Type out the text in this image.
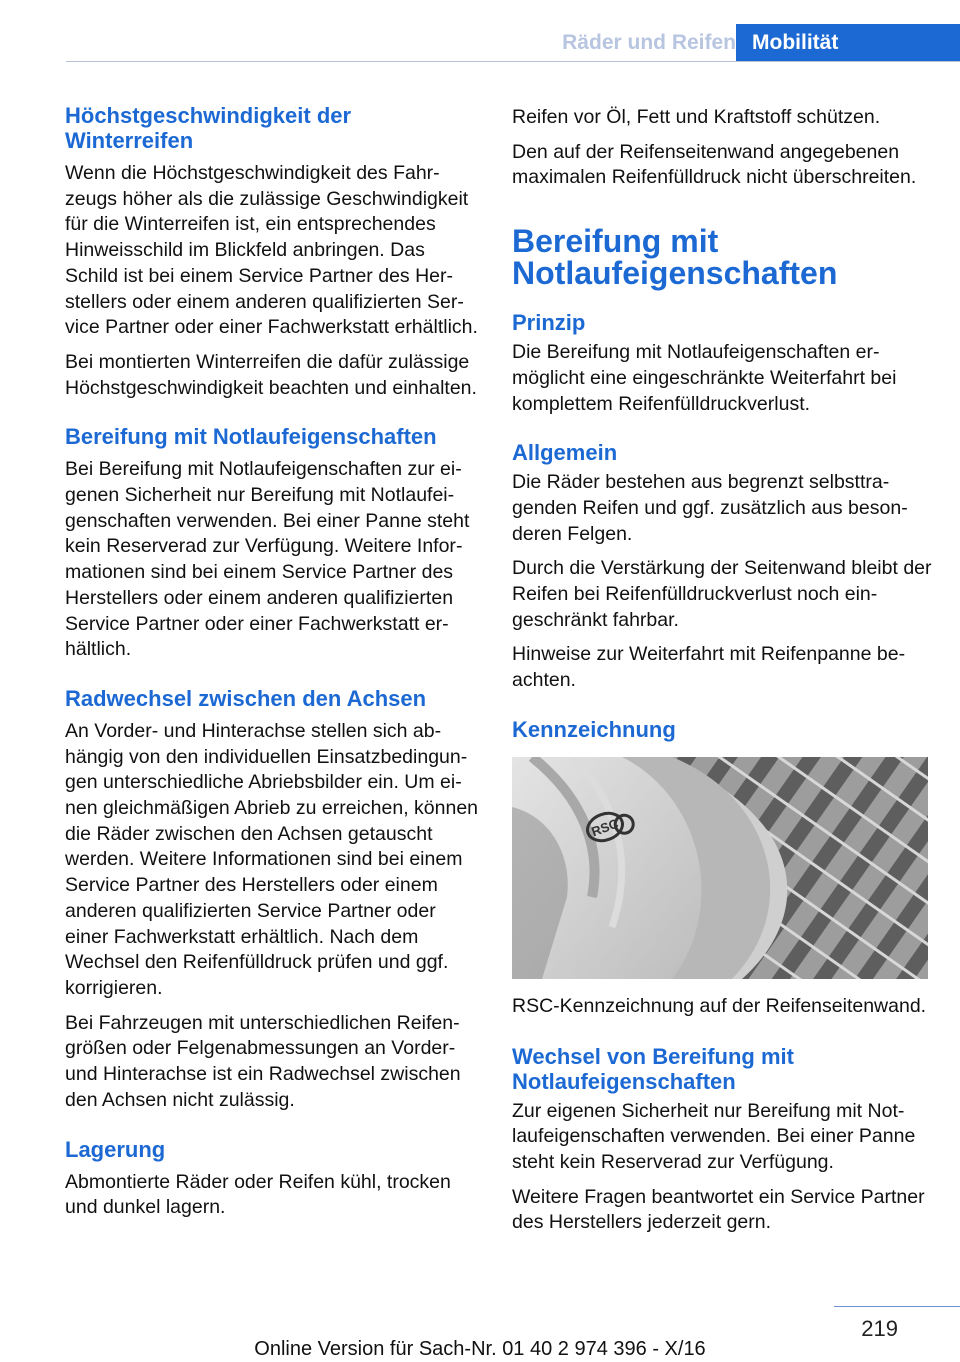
Räder und Reifen Mobilität
Höchstgeschwindigkeit der Winterreifen

Wenn die Höchstgeschwindigkeit des Fahrzeugs höher als die zulässige Geschwindigkeit für die Winterreifen ist, ein entsprechendes Hinweisschild im Blickfeld anbringen. Das Schild ist bei einem Service Partner des Herstellers oder einem anderen qualifizierten Service Partner oder einer Fachwerkstatt erhältlich.

Bei montierten Winterreifen die dafür zulässige Höchstgeschwindigkeit beachten und einhalten.

Bereifung mit Notlaufeigenschaften

Bei Bereifung mit Notlaufeigenschaften zur eigenen Sicherheit nur Bereifung mit Notlaufeigenschaften verwenden. Bei einer Panne steht kein Reserverad zur Verfügung. Weitere Informationen sind bei einem Service Partner des Herstellers oder einem anderen qualifizierten Service Partner oder einer Fachwerkstatt erhältlich.

Radwechsel zwischen den Achsen

An Vorder- und Hinterachse stellen sich abhängig von den individuellen Einsatzbedingungen unterschiedliche Abriebsbilder ein. Um einen gleichmäßigen Abrieb zu erreichen, können die Räder zwischen den Achsen getauscht werden. Weitere Informationen sind bei einem Service Partner des Herstellers oder einem anderen qualifizierten Service Partner oder einer Fachwerkstatt erhältlich. Nach dem Wechsel den Reifenfülldruck prüfen und ggf. korrigieren.

Bei Fahrzeugen mit unterschiedlichen Reifengrößen oder Felgenabmessungen an Vorder- und Hinterachse ist ein Radwechsel zwischen den Achsen nicht zulässig.

Lagerung

Abmontierte Räder oder Reifen kühl, trocken und dunkel lagern.

Reifen vor Öl, Fett und Kraftstoff schützen.

Den auf der Reifenseitenwand angegebenen maximalen Reifenfülldruck nicht überschreiten.

Bereifung mit Notlaufeigenschaften
Prinzip

Die Bereifung mit Notlaufeigenschaften ermöglicht eine eingeschränkte Weiterfahrt bei komplettem Reifenfülldruckverlust.

Allgemein

Die Räder bestehen aus begrenzt selbsttragenden Reifen und ggf. zusätzlich aus besonderen Felgen.

Durch die Verstärkung der Seitenwand bleibt der Reifen bei Reifenfülldruckverlust noch eingeschränkt fahrbar.

Hinweise zur Weiterfahrt mit Reifenpanne beachten.

Kennzeichnung
RSC

RSC-Kennzeichnung auf der Reifenseitenwand.

Wechsel von Bereifung mit Notlaufeigenschaften

Zur eigenen Sicherheit nur Bereifung mit Notlaufeigenschaften verwenden. Bei einer Panne steht kein Reserverad zur Verfügung.

Weitere Fragen beantwortet ein Service Partner des Herstellers jederzeit gern.

219
Online Version für Sach-Nr. 01 40 2 974 396 - X/16
